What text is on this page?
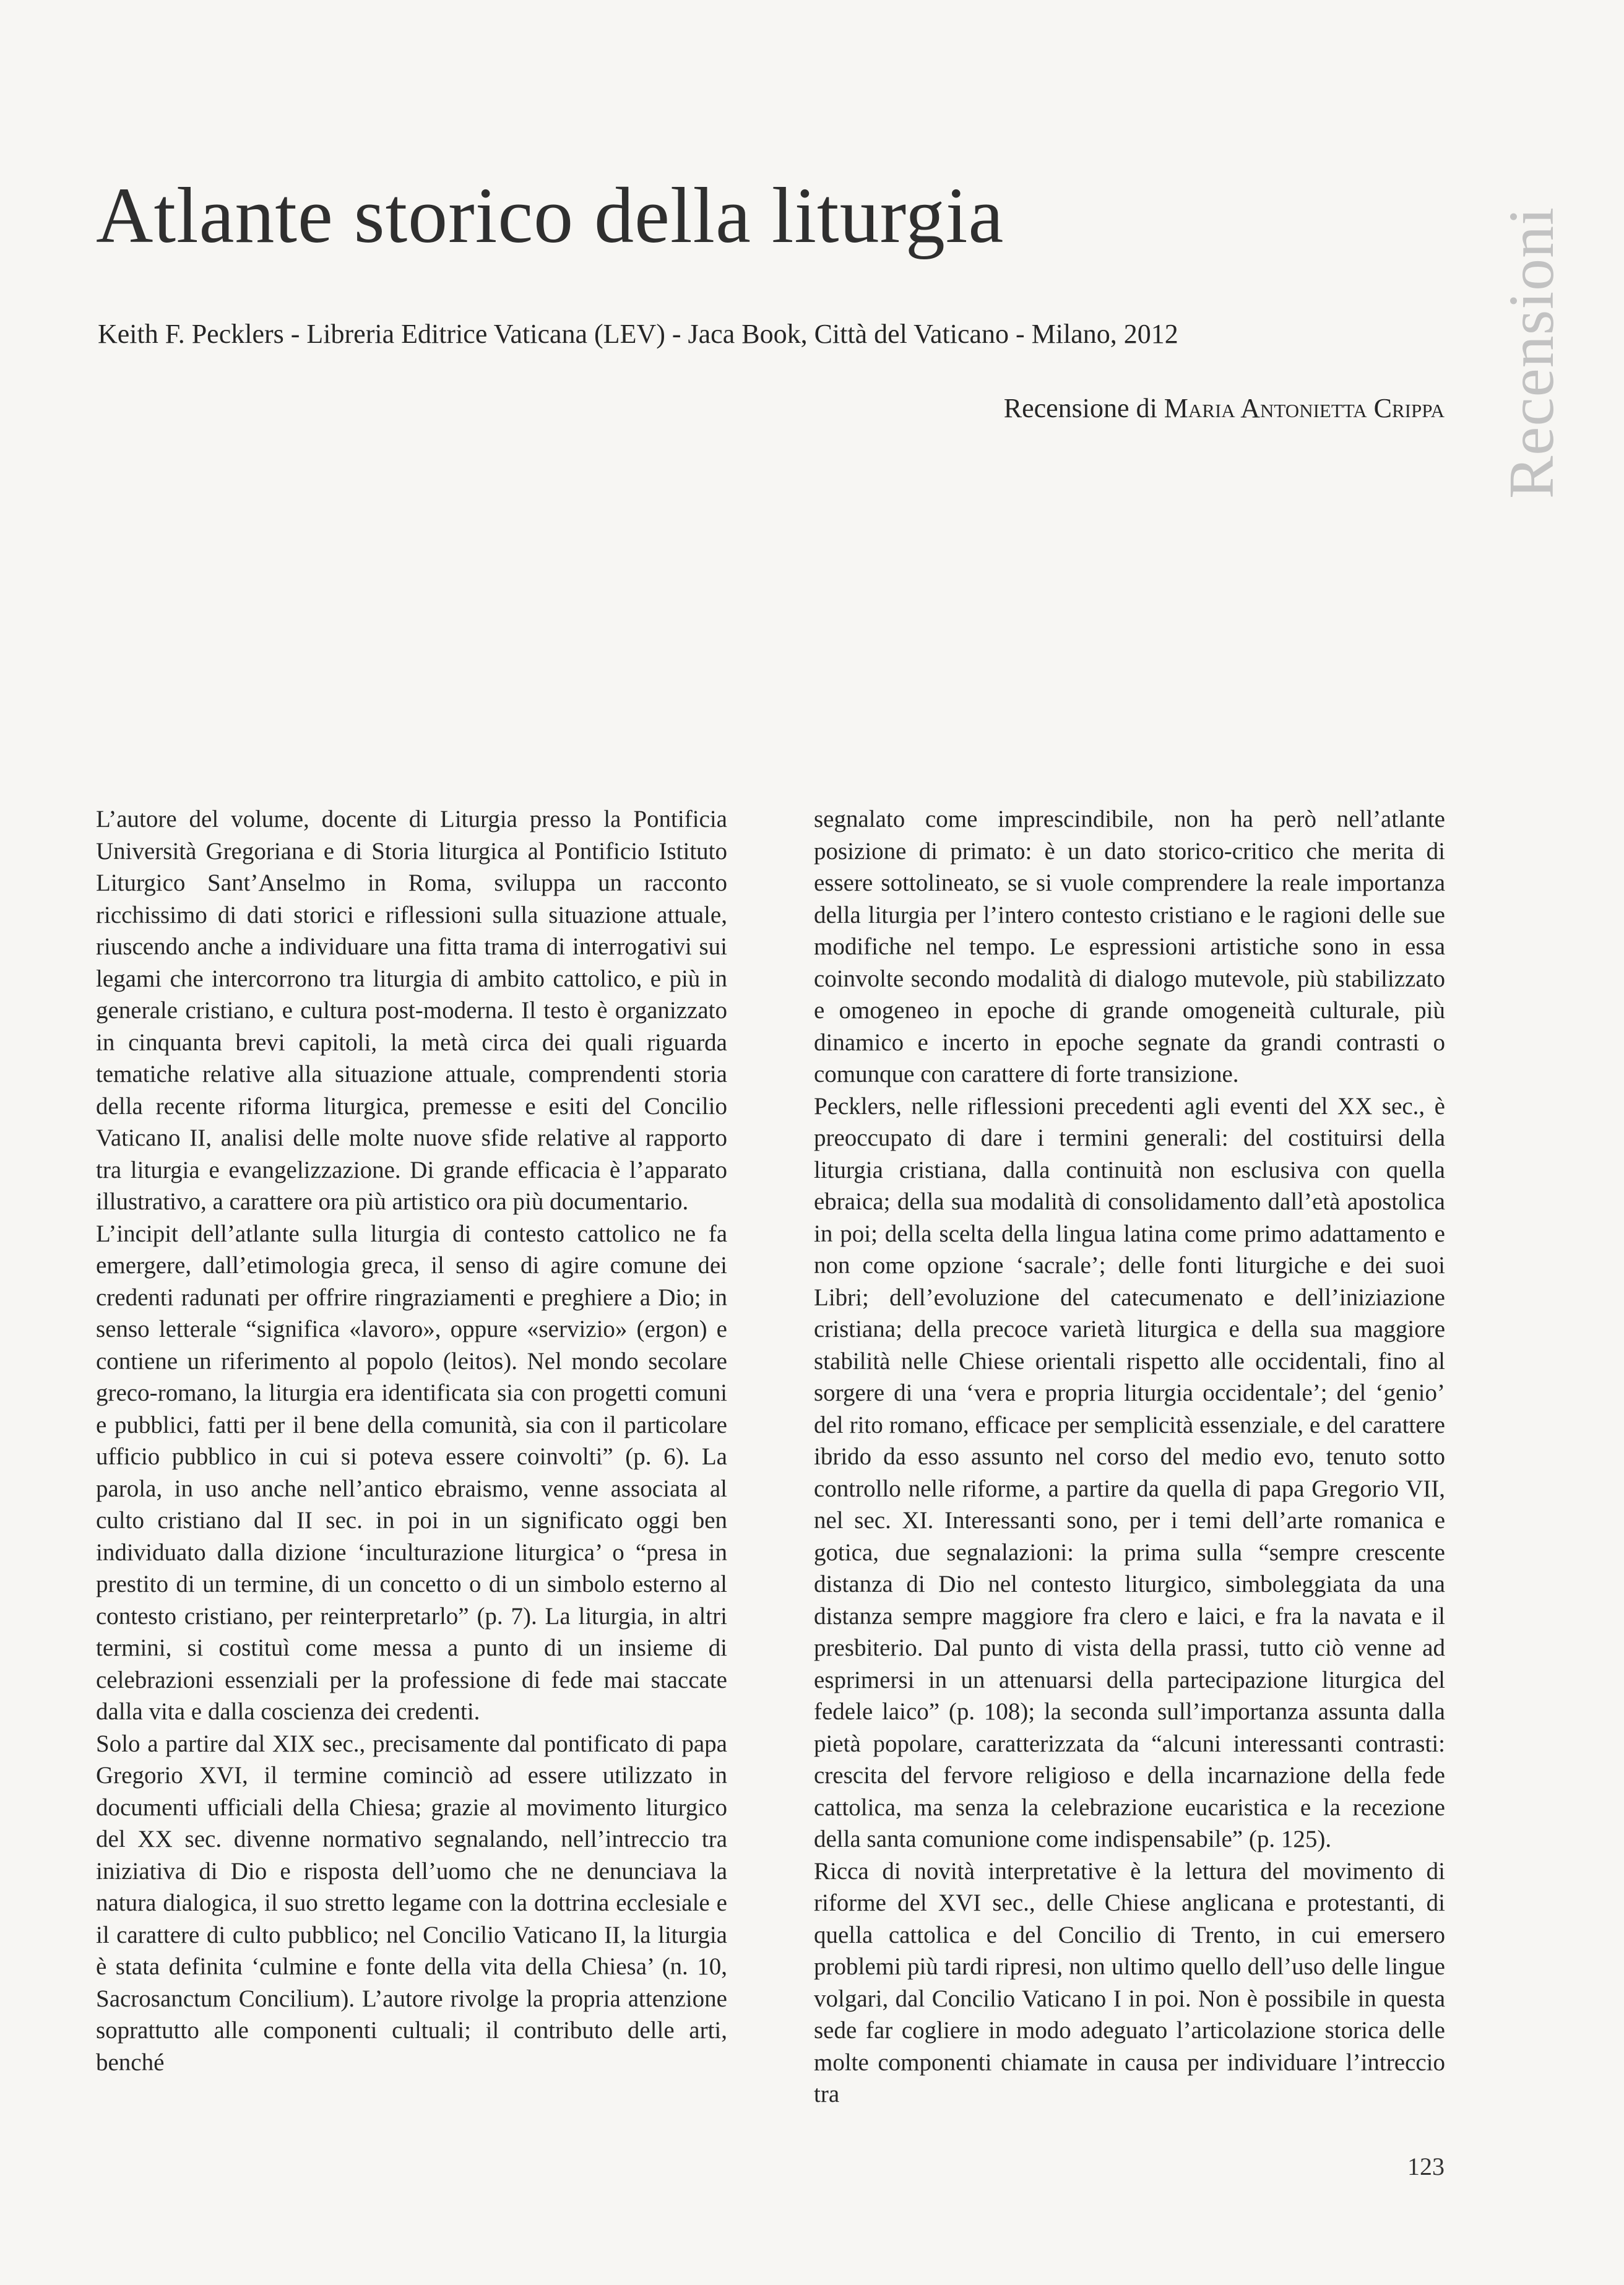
Atlante storico della liturgia
Keith F. Pecklers - Libreria Editrice Vaticana (LEV) - Jaca Book, Città del Vaticano - Milano, 2012
Recensione di Maria Antonietta Crippa Recensioni

L’autore del volume, docente di Liturgia presso la Pontificia Università Gregoriana e di Storia liturgica al Pontificio Istituto Liturgico Sant’Anselmo in Roma, sviluppa un racconto ricchissimo di dati storici e riflessioni sulla situazione attuale, riuscendo anche a individuare una fitta trama di interrogativi sui legami che intercorrono tra liturgia di ambito cattolico, e più in generale cristiano, e cultura post-moderna. Il testo è organizzato in cinquanta brevi capitoli, la metà circa dei quali riguarda tematiche relative alla situazione attuale, comprendenti storia della recente riforma liturgica, premesse e esiti del Concilio Vaticano II, analisi delle molte nuove sfide relative al rapporto tra liturgia e evangelizzazione. Di grande efficacia è l’apparato illustrativo, a carattere ora più artistico ora più documentario.

L’incipit dell’atlante sulla liturgia di contesto cattolico ne fa emergere, dall’etimologia greca, il senso di agire comune dei credenti radunati per offrire ringraziamenti e preghiere a Dio; in senso letterale “significa «lavoro», oppure «servizio» (ergon) e contiene un riferimento al popolo (leitos). Nel mondo secolare greco-romano, la liturgia era identificata sia con progetti comuni e pubblici, fatti per il bene della comunità, sia con il particolare ufficio pubblico in cui si poteva essere coinvolti” (p. 6). La parola, in uso anche nell’antico ebraismo, venne associata al culto cristiano dal II sec. in poi in un significato oggi ben individuato dalla dizione ‘inculturazione liturgica’ o “presa in prestito di un termine, di un concetto o di un simbolo esterno al contesto cristiano, per reinterpretarlo” (p. 7). La liturgia, in altri termini, si costituì come messa a punto di un insieme di celebrazioni essenziali per la professione di fede mai staccate dalla vita e dalla coscienza dei credenti.

Solo a partire dal XIX sec., precisamente dal pontificato di papa Gregorio XVI, il termine cominciò ad essere utilizzato in documenti ufficiali della Chiesa; grazie al movimento liturgico del XX sec. divenne normativo segnalando, nell’intreccio tra iniziativa di Dio e risposta dell’uomo che ne denunciava la natura dialogica, il suo stretto legame con la dottrina ecclesiale e il carattere di culto pubblico; nel Concilio Vaticano II, la liturgia è stata definita ‘culmine e fonte della vita della Chiesa’ (n. 10, Sacrosanctum Concilium). L’autore rivolge la propria attenzione soprattutto alle componenti cultuali; il contributo delle arti, benché

segnalato come imprescindibile, non ha però nell’atlante posizione di primato: è un dato storico-critico che merita di essere sottolineato, se si vuole comprendere la reale importanza della liturgia per l’intero contesto cristiano e le ragioni delle sue modifiche nel tempo. Le espressioni artistiche sono in essa coinvolte secondo modalità di dialogo mutevole, più stabilizzato e omogeneo in epoche di grande omogeneità culturale, più dinamico e incerto in epoche segnate da grandi contrasti o comunque con carattere di forte transizione.

Pecklers, nelle riflessioni precedenti agli eventi del XX sec., è preoccupato di dare i termini generali: del costituirsi della liturgia cristiana, dalla continuità non esclusiva con quella ebraica; della sua modalità di consolidamento dall’età apostolica in poi; della scelta della lingua latina come primo adattamento e non come opzione ‘sacrale’; delle fonti liturgiche e dei suoi Libri; dell’evoluzione del catecumenato e dell’iniziazione cristiana; della precoce varietà liturgica e della sua maggiore stabilità nelle Chiese orientali rispetto alle occidentali, fino al sorgere di una ‘vera e propria liturgia occidentale’; del ‘genio’ del rito romano, efficace per semplicità essenziale, e del carattere ibrido da esso assunto nel corso del medio evo, tenuto sotto controllo nelle riforme, a partire da quella di papa Gregorio VII, nel sec. XI. Interessanti sono, per i temi dell’arte romanica e gotica, due segnalazioni: la prima sulla “sempre crescente distanza di Dio nel contesto liturgico, simboleggiata da una distanza sempre maggiore fra clero e laici, e fra la navata e il presbiterio. Dal punto di vista della prassi, tutto ciò venne ad esprimersi in un attenuarsi della partecipazione liturgica del fedele laico” (p. 108); la seconda sull’importanza assunta dalla pietà popolare, caratterizzata da “alcuni interessanti contrasti: crescita del fervore religioso e della incarnazione della fede cattolica, ma senza la celebrazione eucaristica e la recezione della santa comunione come indispensabile” (p. 125).

Ricca di novità interpretative è la lettura del movimento di riforme del XVI sec., delle Chiese anglicana e protestanti, di quella cattolica e del Concilio di Trento, in cui emersero problemi più tardi ripresi, non ultimo quello dell’uso delle lingue volgari, dal Concilio Vaticano I in poi. Non è possibile in questa sede far cogliere in modo adeguato l’articolazione storica delle molte componenti chiamate in causa per individuare l’intreccio tra

123
